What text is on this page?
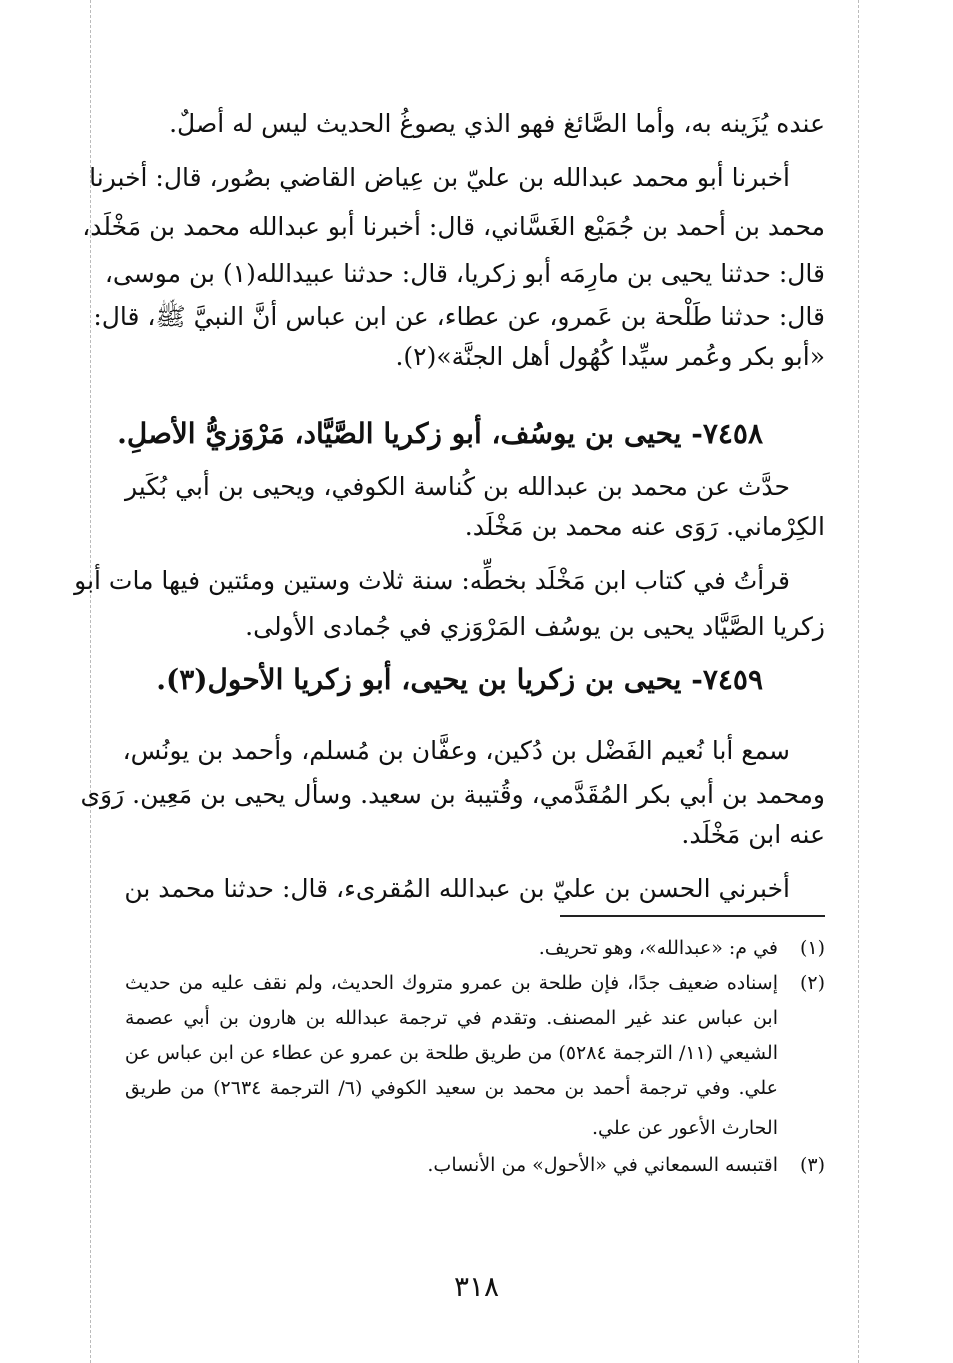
عنده يُزَينه به، وأما الصَّائغ فهو الذي يصوغُ الحديث ليس له أصلٌ.
أخبرنا أبو محمد عبدالله بن عليّ بن عِياض القاضي بصُور، قال: أخبرنا
محمد بن أحمد بن جُمَيْع الغَسَّاني، قال: أخبرنا أبو عبدالله محمد بن مَخْلَد،
قال: حدثنا يحيى بن مارِمَه أبو زكريا، قال: حدثنا عبيدالله(١) بن موسى،
قال: حدثنا طَلْحة بن عَمرو، عن عطاء، عن ابن عباس أنَّ النبيَّ ﷺ، قال:
«أبو بكر وعُمر سيِّدا كُهُول أهل الجنَّة»(٢).
٧٤٥٨- يحيى بن يوسُف، أبو زكريا الصَّيَّاد، مَرْوَزيُّ الأصلِ.
حدَّث عن محمد بن عبدالله بن كُناسة الكوفي، ويحيى بن أبي بُكَير
الكِرْماني. رَوَى عنه محمد بن مَخْلَد.
قرأتُ في كتاب ابن مَخْلَد بخطِّه: سنة ثلاث وستين ومئتين فيها مات أبو
زكريا الصَّيَّاد يحيى بن يوسُف المَرْوَزي في جُمادى الأولى.
٧٤٥٩- يحيى بن زكريا بن يحيى، أبو زكريا الأحول(٣).
سمع أبا نُعيم الفَضْل بن دُكين، وعفَّان بن مُسلم، وأحمد بن يونُس،
ومحمد بن أبي بكر المُقَدَّمي، وقُتيبة بن سعيد. وسأل يحيى بن مَعِين. رَوَى
عنه ابن مَخْلَد.
أخبرني الحسن بن عليّ بن عبدالله المُقرىء، قال: حدثنا محمد بن
(١)
في م: «عبدالله»، وهو تحريف.
(٢)
إسناده ضعيف جدًا، فإن طلحة بن عمرو متروك الحديث، ولم نقف عليه من حديث
ابن عباس عند غير المصنف. وتقدم في ترجمة عبدالله بن هارون بن أبي عصمة
الشيعي (١١/ الترجمة ٥٢٨٤) من طريق طلحة بن عمرو عن عطاء عن ابن عباس عن
علي. وفي ترجمة أحمد بن محمد بن سعيد الكوفي (٦/ الترجمة ٢٦٣٤) من طريق
الحارث الأعور عن علي.
(٣)
اقتبسه السمعاني في «الأحول» من الأنساب.
٣١٨
